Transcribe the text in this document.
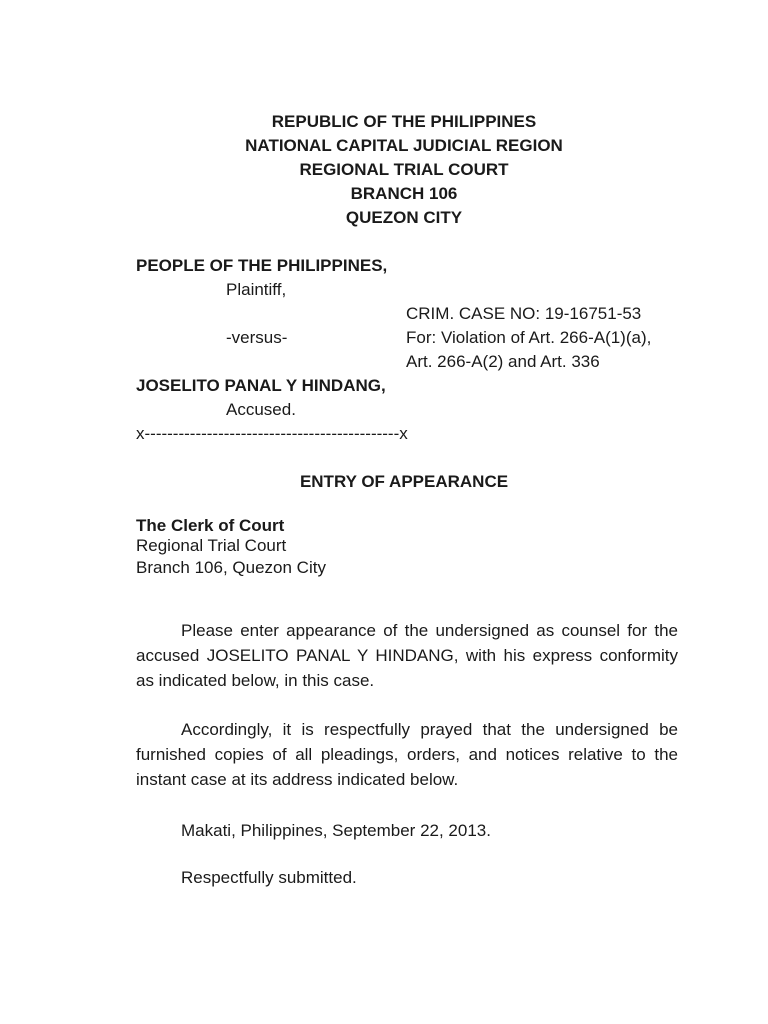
REPUBLIC OF THE PHILIPPINES
NATIONAL CAPITAL JUDICIAL REGION
REGIONAL TRIAL COURT
BRANCH 106
QUEZON CITY
PEOPLE OF THE PHILIPPINES,
Plaintiff,
CRIM. CASE NO: 19-16751-53
-versus-	For: Violation of Art. 266-A(1)(a),
Art. 266-A(2) and Art. 336
JOSELITO PANAL Y HINDANG,
Accused.
x---------------------------------------------x
ENTRY OF APPEARANCE
The Clerk of Court
Regional Trial Court
Branch 106, Quezon City
Please enter appearance of the undersigned as counsel for the accused JOSELITO PANAL Y HINDANG, with his express conformity as indicated below, in this case.
Accordingly, it is respectfully prayed that the undersigned be furnished copies of all pleadings, orders, and notices relative to the instant case at its address indicated below.
Makati, Philippines, September 22, 2013.
Respectfully submitted.
